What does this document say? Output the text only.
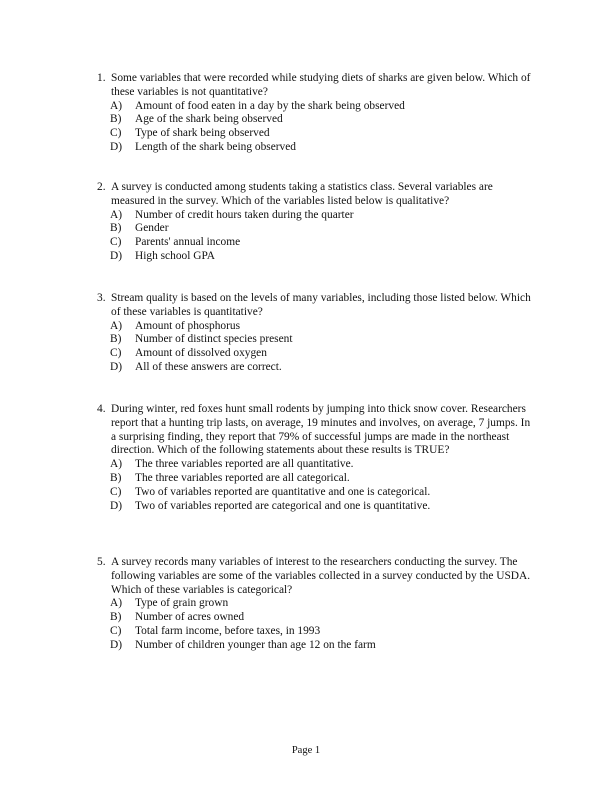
1. Some variables that were recorded while studying diets of sharks are given below. Which of these variables is not quantitative?
A)	Amount of food eaten in a day by the shark being observed
B)	Age of the shark being observed
C)	Type of shark being observed
D)	Length of the shark being observed
2. A survey is conducted among students taking a statistics class. Several variables are measured in the survey. Which of the variables listed below is qualitative?
A)	Number of credit hours taken during the quarter
B)	Gender
C)	Parents' annual income
D)	High school GPA
3. Stream quality is based on the levels of many variables, including those listed below. Which of these variables is quantitative?
A)	Amount of phosphorus
B)	Number of distinct species present
C)	Amount of dissolved oxygen
D)	All of these answers are correct.
4. During winter, red foxes hunt small rodents by jumping into thick snow cover. Researchers report that a hunting trip lasts, on average, 19 minutes and involves, on average, 7 jumps. In a surprising finding, they report that 79% of successful jumps are made in the northeast direction. Which of the following statements about these results is TRUE?
A)	The three variables reported are all quantitative.
B)	The three variables reported are all categorical.
C)	Two of variables reported are quantitative and one is categorical.
D)	Two of variables reported are categorical and one is quantitative.
5. A survey records many variables of interest to the researchers conducting the survey. The following variables are some of the variables collected in a survey conducted by the USDA. Which of these variables is categorical?
A)	Type of grain grown
B)	Number of acres owned
C)	Total farm income, before taxes, in 1993
D)	Number of children younger than age 12 on the farm
Page 1
